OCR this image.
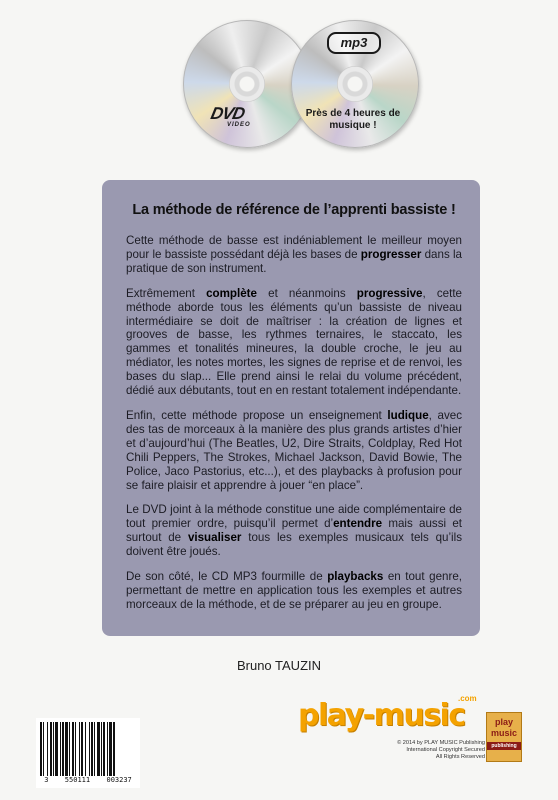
DVD
VIDEO
mp3
Près de 4 heures de musique !
La méthode de référence de l’apprenti bassiste !

Cette méthode de basse est indéniablement le meilleur moyen pour le bassiste possédant déjà les bases de progresser dans la pratique de son instrument.

Extrêmement complète et néanmoins progressive, cette méthode aborde tous les éléments qu’un bassiste de niveau intermédiaire se doit de maîtriser : la création de lignes et grooves de basse, les rythmes ternaires, le staccato, les gammes et tonalités mineures, la double croche, le jeu au médiator, les notes mortes, les signes de reprise et de renvoi, les bases du slap... Elle prend ainsi le relai du volume précédent, dédié aux débutants, tout en en restant totalement indépendante.

Enfin, cette méthode propose un enseignement ludique, avec des tas de morceaux à la manière des plus grands artistes d’hier et d’aujourd’hui (The Beatles, U2, Dire Straits, Coldplay, Red Hot Chili Peppers, The Strokes, Michael Jackson, David Bowie, The Police, Jaco Pastorius, etc...), et des playbacks à profusion pour se faire plaisir et apprendre à jouer “en place”.

Le DVD joint à la méthode constitue une aide complémentaire de tout premier ordre, puisqu’il permet d’entendre mais aussi et surtout de visualiser tous les exemples musicaux tels qu’ils doivent être joués.

De son côté, le CD MP3 fourmille de playbacks en tout genre, permettant de mettre en application tous les exemples et autres morceaux de la méthode, et de se préparer au jeu en groupe.

Bruno TAUZIN
3 550111 003237
play-music
.com
© 2014 by PLAY MUSIC Publishing
International Copyright Secured
All Rights Reserved
play
music
publishing
